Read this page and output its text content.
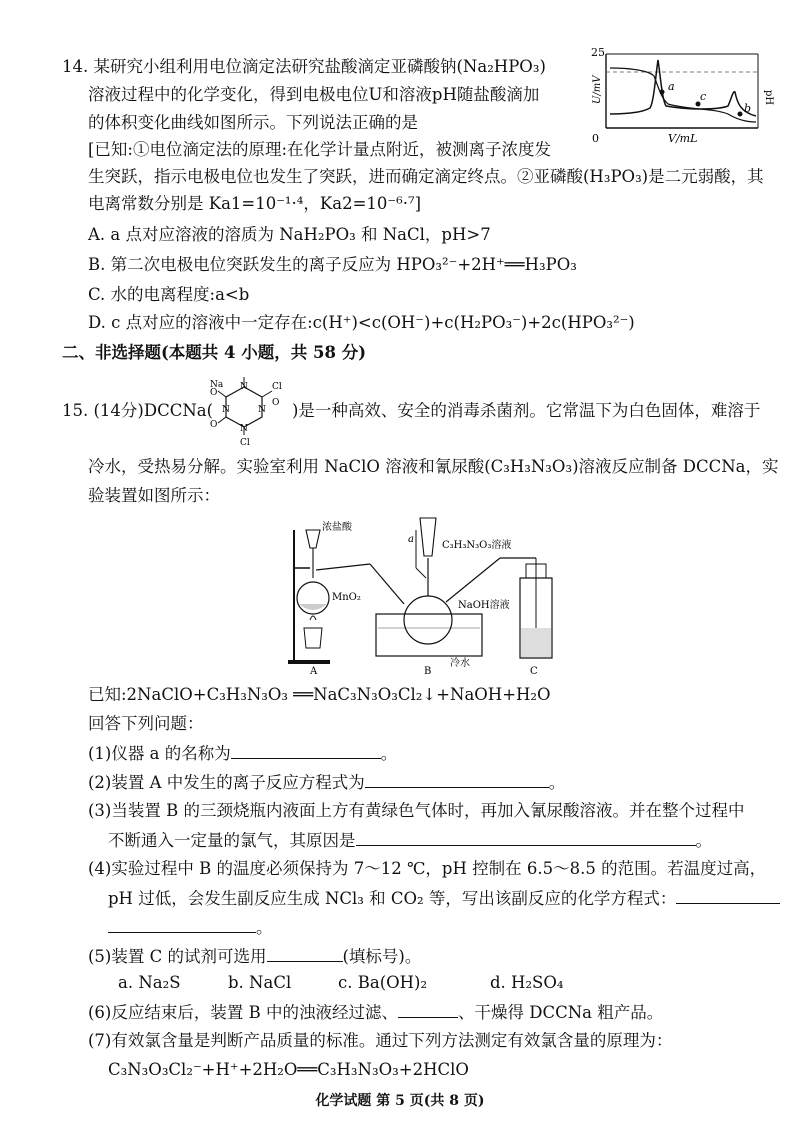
14. 某研究小组利用电位滴定法研究盐酸滴定亚磷酸钠(Na₂HPO₃)
溶液过程中的化学变化，得到电极电位U和溶液pH随盐酸滴加
的体积变化曲线如图所示。下列说法正确的是
[已知:①电位滴定法的原理:在化学计量点附近，被测离子浓度发
生突跃，指示电极电位也发生了突跃，进而确定滴定终点。②亚磷酸(H₃PO₃)是二元弱酸，其
电离常数分别是 Ka1=10⁻¹·⁴，Ka2=10⁻⁶·⁷]
A. a 点对应溶液的溶质为 NaH₂PO₃ 和 NaCl，pH>7
B. 第二次电极电位突跃发生的离子反应为 HPO₃²⁻+2H⁺══H₃PO₃
C. 水的电离程度:a<b
D. c 点对应的溶液中一定存在:c(H⁺)<c(OH⁻)+c(H₂PO₃⁻)+2c(HPO₃²⁻)
a
c
b
25
0	V/mL
U/mV	pH
二、非选择题(本题共 4 小题，共 58 分)
15. (14分)DCCNa(
Na N	Cl
N
N
N
Cl
O
O
O )是一种高效、安全的消毒杀菌剂。它常温下为白色固体，难溶于
冷水，受热易分解。实验室利用 NaClO 溶液和氰尿酸(C₃H₃N₃O₃)溶液反应制备 DCCNa，实
验装置如图所示：
浓盐酸
MnO₂
A
a
C₃H₃N₃O₃溶液
NaOH溶液
冷水
B	C
已知:2NaClO+C₃H₃N₃O₃ ══NaC₃N₃O₃Cl₂↓+NaOH+H₂O
回答下列问题：
(1)仪器 a 的名称为	。
(2)装置 A 中发生的离子反应方程式为	。
(3)当装置 B 的三颈烧瓶内液面上方有黄绿色气体时，再加入氰尿酸溶液。并在整个过程中
不断通入一定量的氯气，其原因是	。
(4)实验过程中 B 的温度必须保持为 7～12 ℃，pH 控制在 6.5～8.5 的范围。若温度过高，
pH 过低，会发生副反应生成 NCl₃ 和 CO₂ 等，写出该副反应的化学方程式：
。
(5)装置 C 的试剂可选用	(填标号)。
a. Na₂S	b. NaCl	c. Ba(OH)₂	d. H₂SO₄
(6)反应结束后，装置 B 中的浊液经过滤、	、干燥得 DCCNa 粗产品。
(7)有效氯含量是判断产品质量的标准。通过下列方法测定有效氯含量的原理为：
C₃N₃O₃Cl₂⁻+H⁺+2H₂O══C₃H₃N₃O₃+2HClO
化学试题 第 5 页(共 8 页)
